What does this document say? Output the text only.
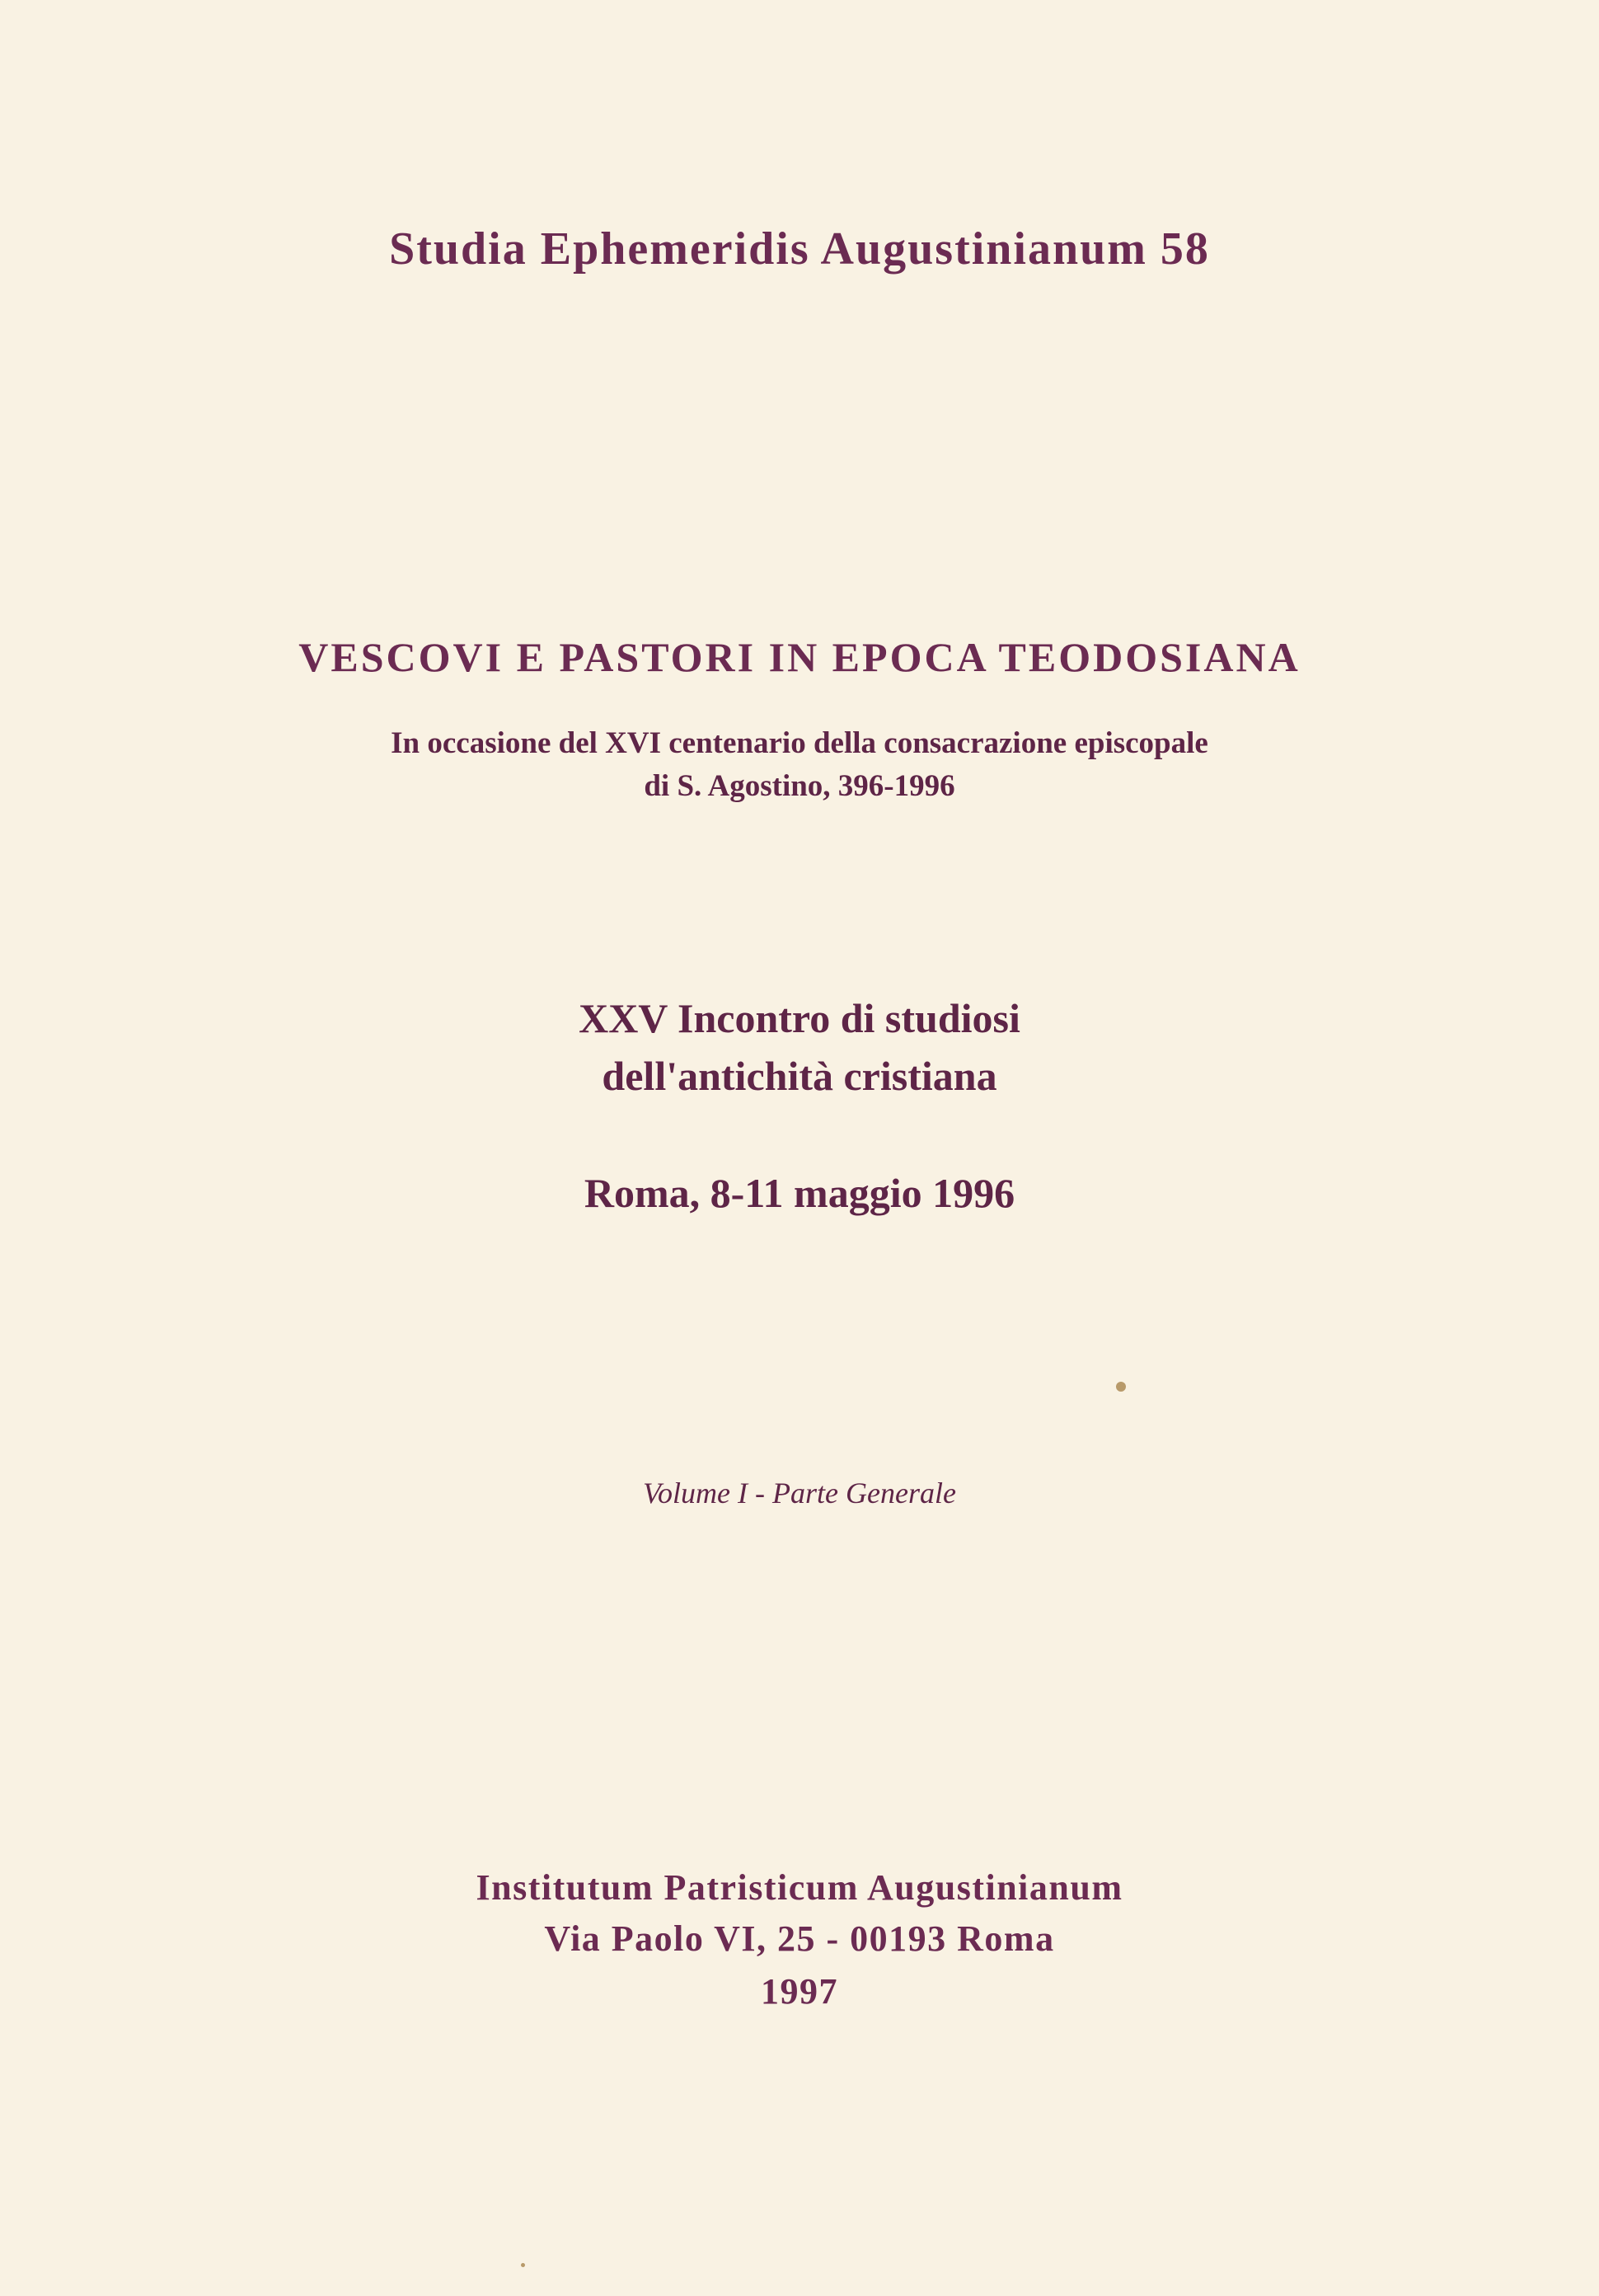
Studia Ephemeridis Augustinianum 58
VESCOVI E PASTORI IN EPOCA TEODOSIANA
In occasione del XVI centenario della consacrazione episcopale
di S. Agostino, 396-1996
XXV Incontro di studiosi
dell'antichità cristiana
Roma, 8-11 maggio 1996
Volume I - Parte Generale
Institutum Patristicum Augustinianum
Via Paolo VI, 25 - 00193 Roma
1997
